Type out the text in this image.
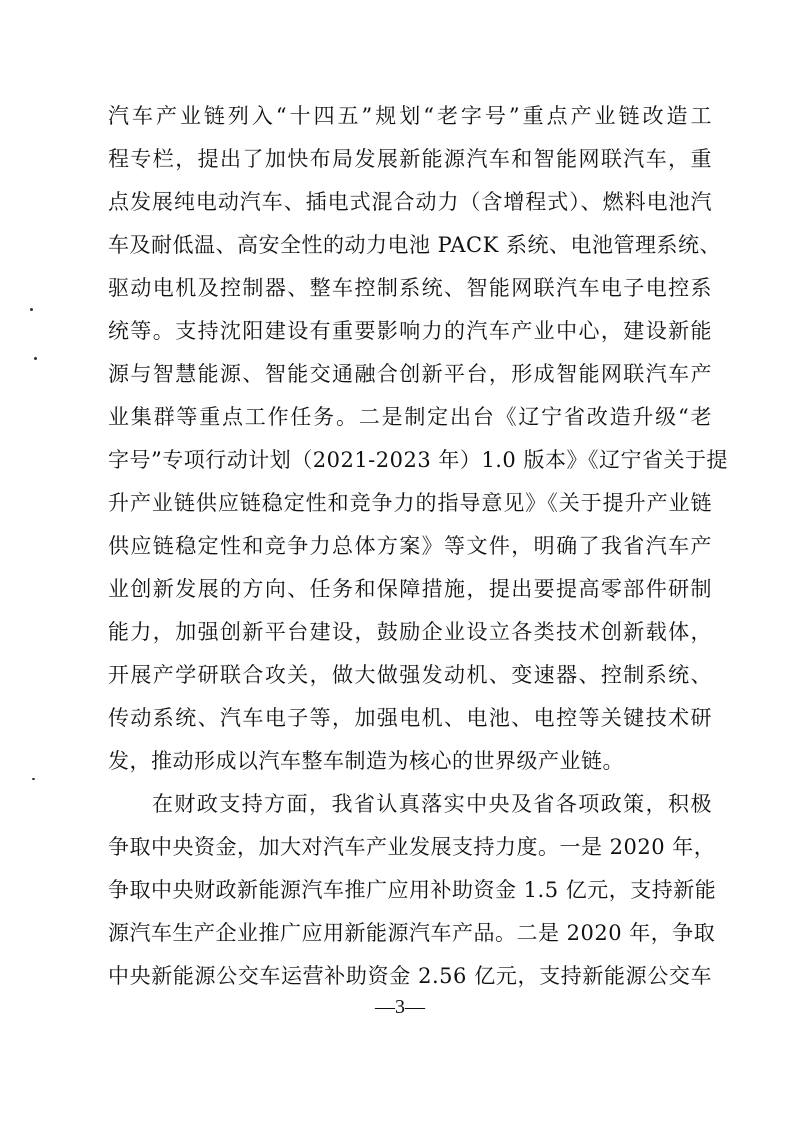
汽车产业链列入“十四五”规划“老字号”重点产业链改造工
程专栏，提出了加快布局发展新能源汽车和智能网联汽车，重
点发展纯电动汽车、插电式混合动力（含增程式）、燃料电池汽
车及耐低温、高安全性的动力电池 PACK 系统、电池管理系统、
驱动电机及控制器、整车控制系统、智能网联汽车电子电控系
统等。支持沈阳建设有重要影响力的汽车产业中心，建设新能
源与智慧能源、智能交通融合创新平台，形成智能网联汽车产
业集群等重点工作任务。二是制定出台《辽宁省改造升级“老
字号”专项行动计划（2021-2023 年）1.0 版本》《辽宁省关于提
升产业链供应链稳定性和竞争力的指导意见》《关于提升产业链
供应链稳定性和竞争力总体方案》等文件，明确了我省汽车产
业创新发展的方向、任务和保障措施，提出要提高零部件研制
能力，加强创新平台建设，鼓励企业设立各类技术创新载体，
开展产学研联合攻关，做大做强发动机、变速器、控制系统、
传动系统、汽车电子等，加强电机、电池、电控等关键技术研
发，推动形成以汽车整车制造为核心的世界级产业链。
在财政支持方面，我省认真落实中央及省各项政策，积极
争取中央资金，加大对汽车产业发展支持力度。一是 2020 年，
争取中央财政新能源汽车推广应用补助资金 1.5 亿元，支持新能
源汽车生产企业推广应用新能源汽车产品。二是 2020 年，争取
中央新能源公交车运营补助资金 2.56 亿元，支持新能源公交车
—3—
